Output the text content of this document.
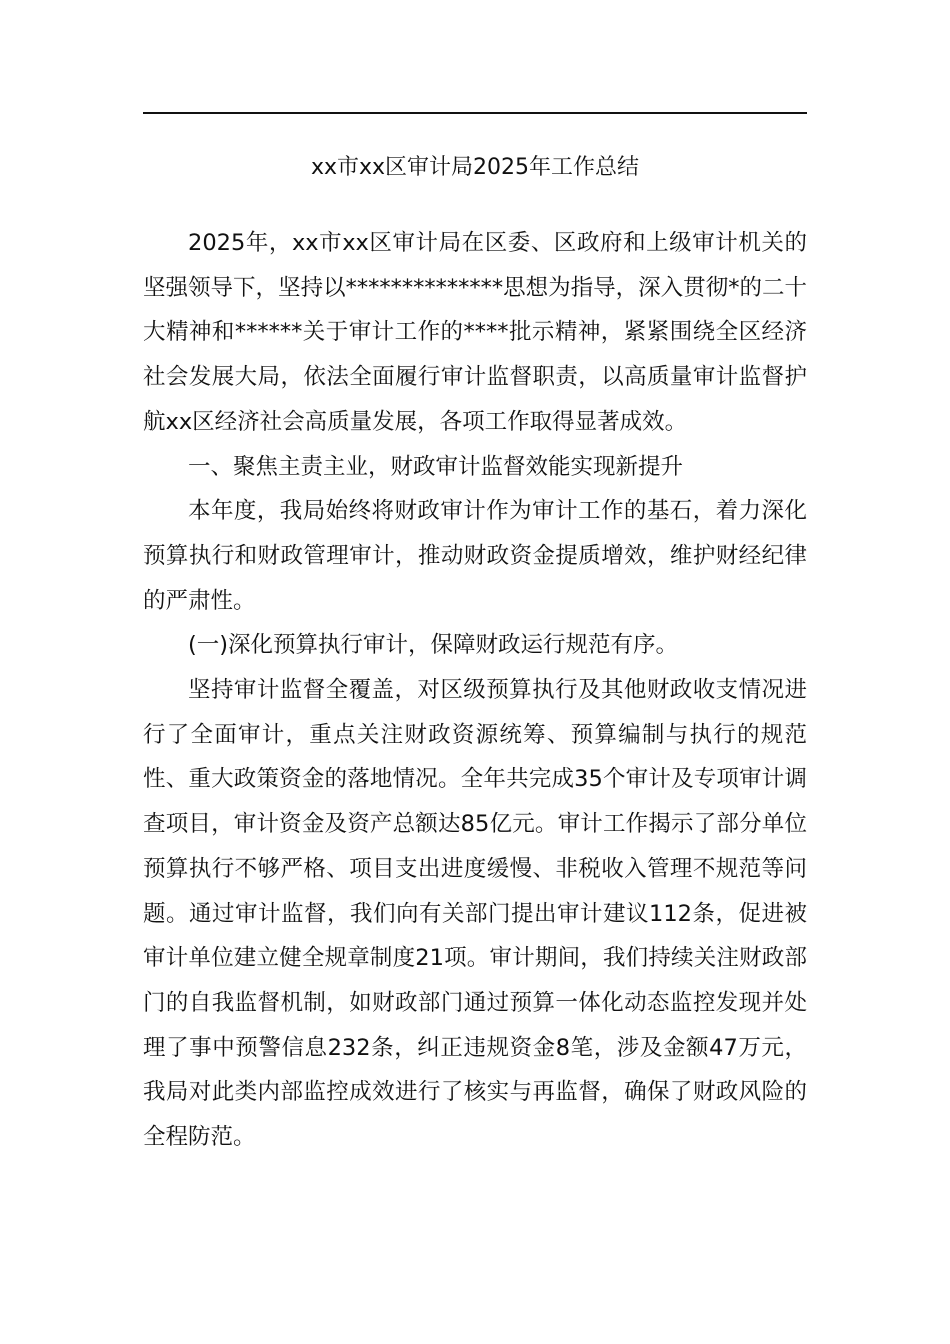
xx市xx区审计局2025年工作总结

2025年，xx市xx区审计局在区委、区政府和上级审计机关的坚强领导下，坚持以**************思想为指导，深入贯彻*的二十大精神和******关于审计工作的****批示精神，紧紧围绕全区经济社会发展大局，依法全面履行审计监督职责，以高质量审计监督护航xx区经济社会高质量发展，各项工作取得显著成效。

一、聚焦主责主业，财政审计监督效能实现新提升

本年度，我局始终将财政审计作为审计工作的基石，着力深化预算执行和财政管理审计，推动财政资金提质增效，维护财经纪律的严肃性。

(一)深化预算执行审计，保障财政运行规范有序。

坚持审计监督全覆盖，对区级预算执行及其他财政收支情况进行了全面审计，重点关注财政资源统筹、预算编制与执行的规范性、重大政策资金的落地情况。全年共完成35个审计及专项审计调查项目，审计资金及资产总额达85亿元。审计工作揭示了部分单位预算执行不够严格、项目支出进度缓慢、非税收入管理不规范等问题。通过审计监督，我们向有关部门提出审计建议112条，促进被审计单位建立健全规章制度21项。审计期间，我们持续关注财政部门的自我监督机制，如财政部门通过预算一体化动态监控发现并处理了事中预警信息232条，纠正违规资金8笔，涉及金额47万元，我局对此类内部监控成效进行了核实与再监督，确保了财政风险的全程防范。
